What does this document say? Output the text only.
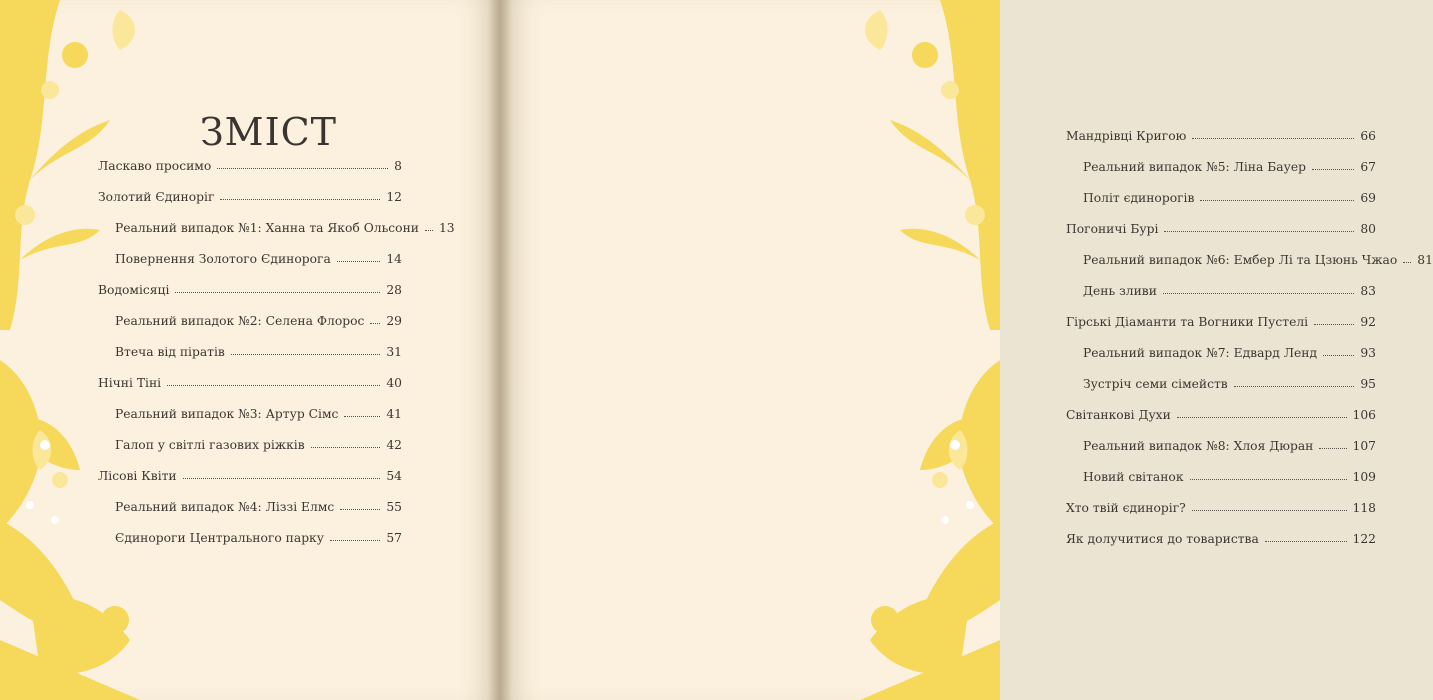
ЗМІСТ
Ласкаво просимо	8
Золотий Єдиноріг	12
Реальний випадок №1: Ханна та Якоб Ольсони 13
Повернення Золотого Єдинорога	14
Водомісяці	28
Реальний випадок №2: Селена Флорос 29
Втеча від піратів	31
Нічні Тіні	40
Реальний випадок №3: Артур Сімс	41
Галоп у світлі газових ріжків	42
Лісові Квіти	54
Реальний випадок №4: Ліззі Елмс	55
Єдинороги Центрального парку	57
Мандрівці Кригою	66
Реальний випадок №5: Ліна Бауер	67
Політ єдинорогів	69
Погоничі Бурі	80
Реальний випадок №6: Ембер Лі та Цзюнь Чжао 81
День зливи	83
Гірські Діаманти та Вогники Пустелі	92
Реальний випадок №7: Едвард Ленд	93
Зустріч семи сімейств	95
Світанкові Духи	106
Реальний випадок №8: Хлоя Дюран	107
Новий світанок	109
Хто твій єдиноріг?	118
Як долучитися до товариства	122
